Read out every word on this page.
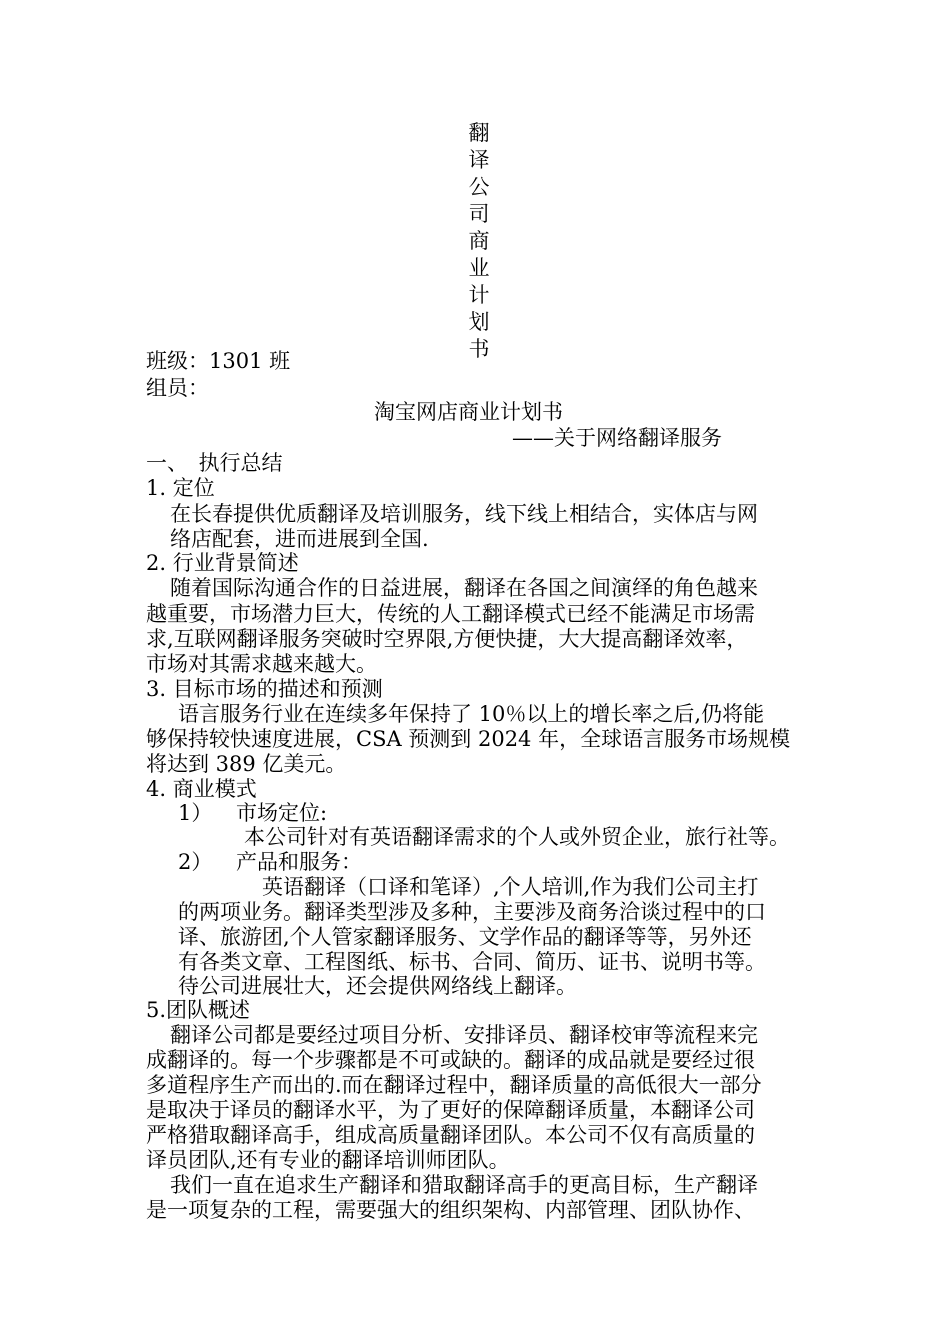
翻
译
公
司
商
业
计
划
书
班级：1301 班
组员：
淘宝网店商业计划书
——关于网络翻译服务
一、　执行总结
1. 定位
在长春提供优质翻译及培训服务，线下线上相结合，实体店与网
络店配套，进而进展到全国.
2. 行业背景简述
随着国际沟通合作的日益进展，翻译在各国之间演绎的角色越来
越重要，市场潜力巨大，传统的人工翻译模式已经不能满足市场需
求,互联网翻译服务突破时空界限,方便快捷，大大提高翻译效率，
市场对其需求越来越大。
3. 目标市场的描述和预测
语言服务行业在连续多年保持了 10％以上的增长率之后,仍将能
够保持较快速度进展，CSA 预测到 2024 年，全球语言服务市场规模
将达到 389 亿美元。
4. 商业模式
1） 市场定位:
本公司针对有英语翻译需求的个人或外贸企业，旅行社等。
2） 产品和服务：
英语翻译（口译和笔译）,个人培训,作为我们公司主打
的两项业务。翻译类型涉及多种，主要涉及商务洽谈过程中的口
译、旅游团,个人管家翻译服务、文学作品的翻译等等，另外还
有各类文章、工程图纸、标书、合同、简历、证书、说明书等。
待公司进展壮大，还会提供网络线上翻译。
5.团队概述
翻译公司都是要经过项目分析、安排译员、翻译校审等流程来完
成翻译的。每一个步骤都是不可或缺的。翻译的成品就是要经过很
多道程序生产而出的.而在翻译过程中，翻译质量的高低很大一部分
是取决于译员的翻译水平，为了更好的保障翻译质量，本翻译公司
严格猎取翻译高手，组成高质量翻译团队。本公司不仅有高质量的
译员团队,还有专业的翻译培训师团队。
我们一直在追求生产翻译和猎取翻译高手的更高目标，生产翻译
是一项复杂的工程，需要强大的组织架构、内部管理、团队协作、
